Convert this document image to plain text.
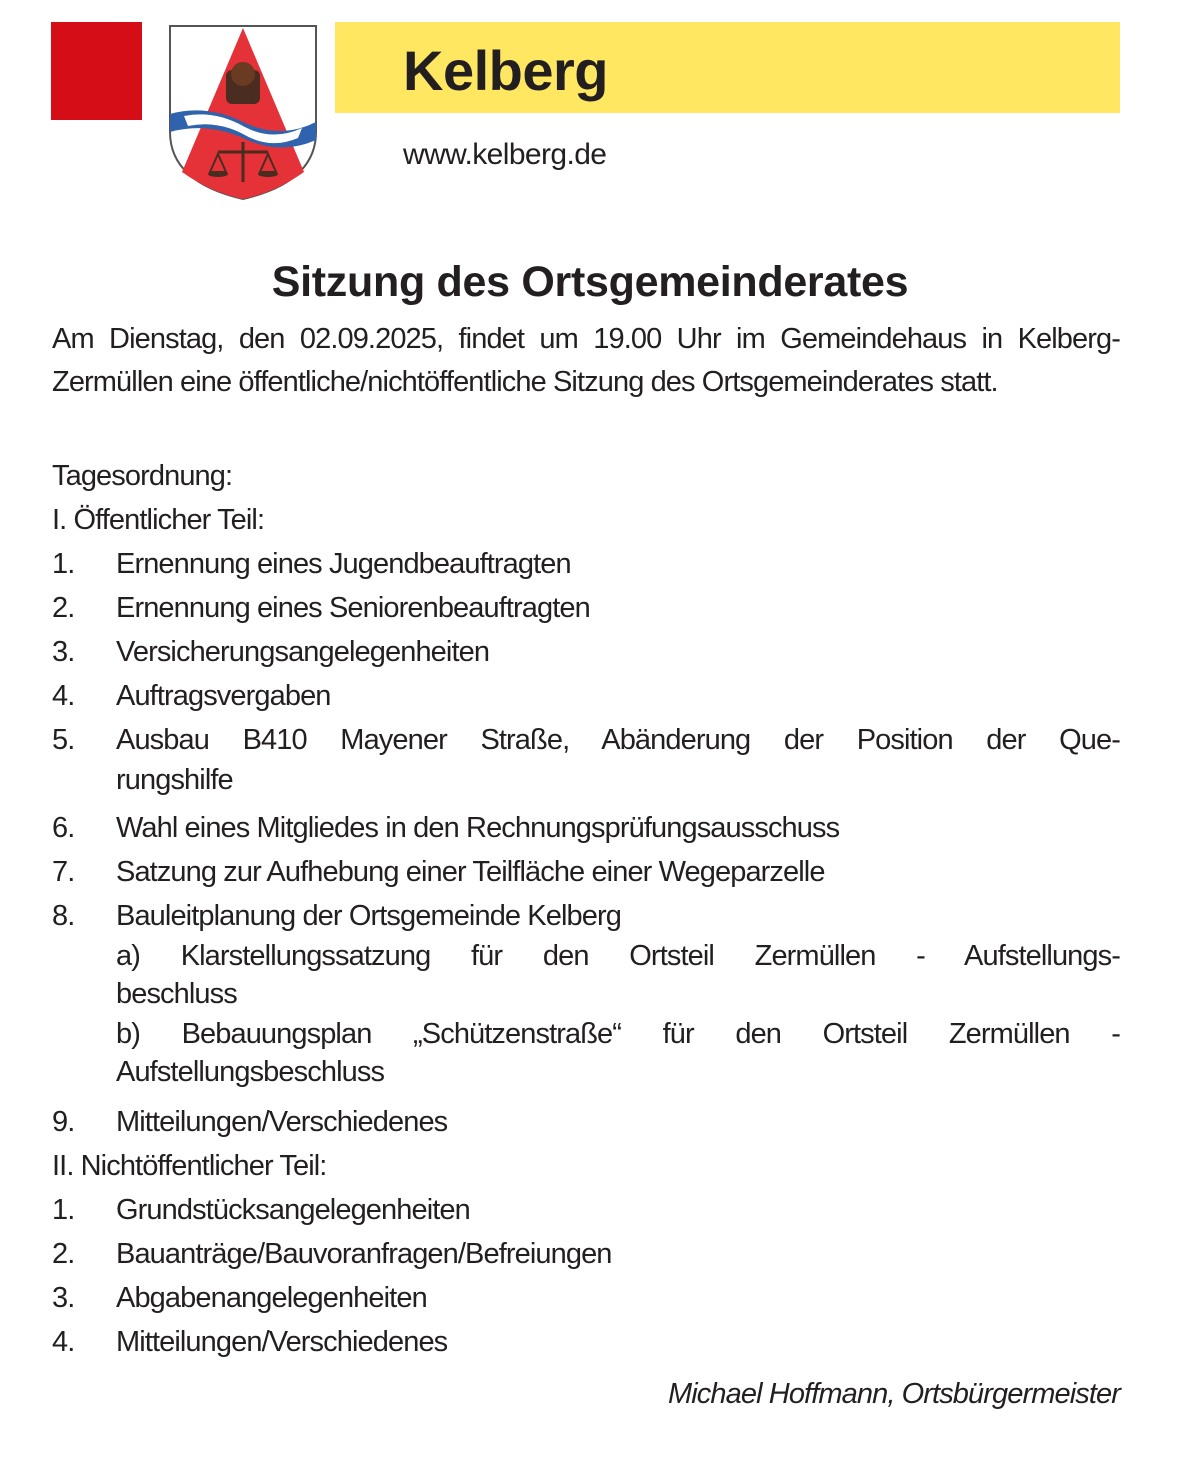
Kelberg
www.kelberg.de
Sitzung des Ortsgemeinderates
Am Dienstag, den 02.09.2025, findet um 19.00 Uhr im Gemeindehaus in Kelberg-Zermüllen eine öffentliche/nichtöffentliche Sitzung des Ortsgemeinderates statt.
Tagesordnung:
I. Öffentlicher Teil:
1.	Ernennung eines Jugendbeauftragten
2.	Ernennung eines Seniorenbeauftragten
3.	Versicherungsangelegenheiten
4.	Auftragsvergaben
5.	Ausbau B410 Mayener Straße, Abänderung der Position der Que-
rungshilfe
6.	Wahl eines Mitgliedes in den Rechnungsprüfungsausschuss
7.	Satzung zur Aufhebung einer Teilfläche einer Wegeparzelle
8.	Bauleitplanung der Ortsgemeinde Kelberg
a) Klarstellungssatzung für den Ortsteil Zermüllen - Aufstellungs-
beschluss
b) Bebauungsplan „Schützenstraße“ für den Ortsteil Zermüllen -
Aufstellungsbeschluss
9.	Mitteilungen/Verschiedenes
II. Nichtöffentlicher Teil:
1.	Grundstücksangelegenheiten
2.	Bauanträge/Bauvoranfragen/Befreiungen
3.	Abgabenangelegenheiten
4.	Mitteilungen/Verschiedenes
Michael Hoffmann, Ortsbürgermeister
